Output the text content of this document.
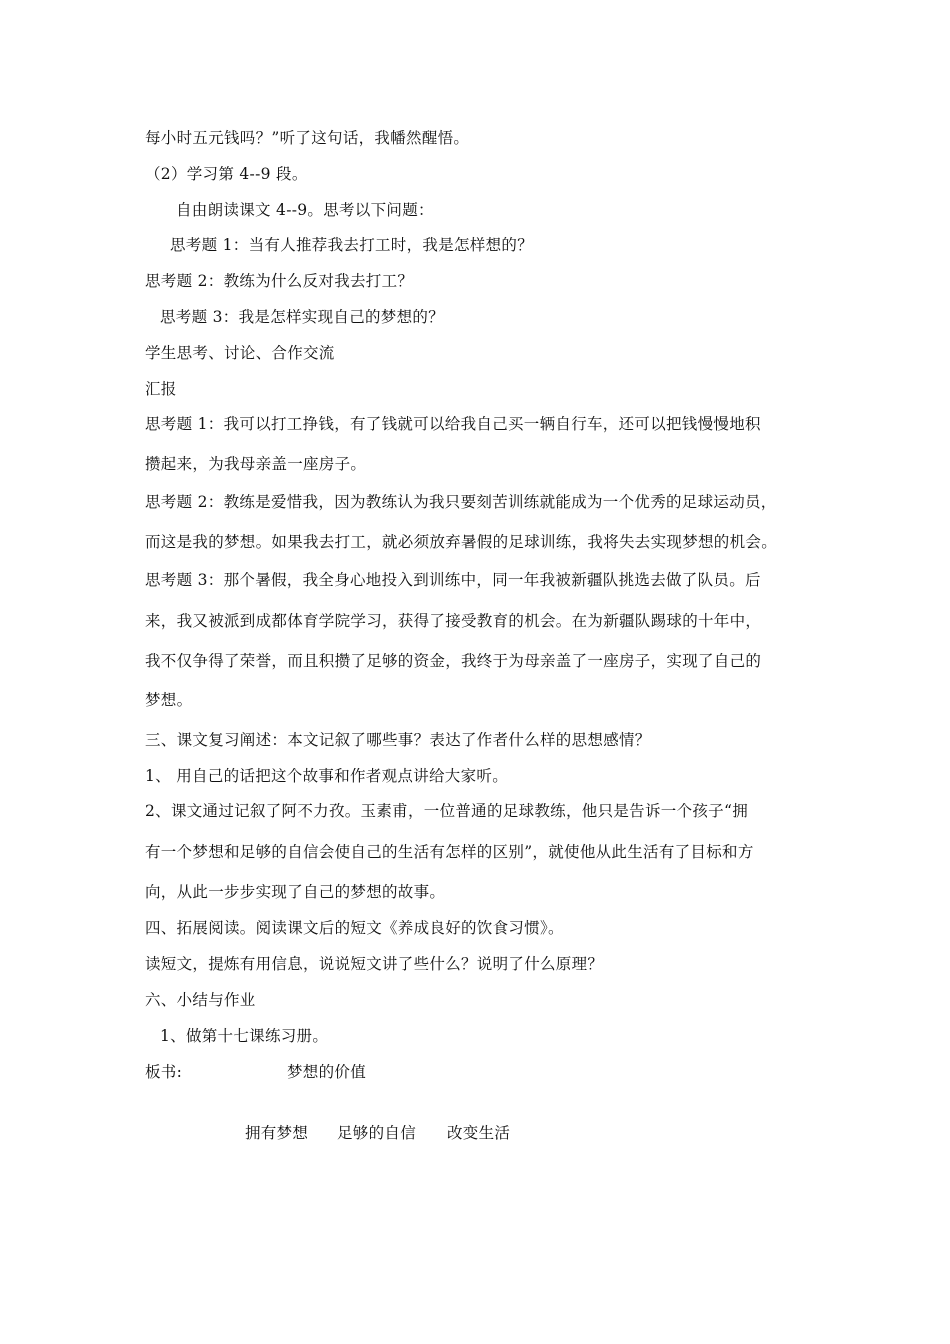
每小时五元钱吗？”听了这句话，我幡然醒悟。
（2）学习第 4--9 段。
自由朗读课文 4--9。思考以下问题：
思考题 1：当有人推荐我去打工时，我是怎样想的？
思考题 2：教练为什么反对我去打工？
思考题 3：我是怎样实现自己的梦想的？
学生思考、讨论、合作交流
汇报
思考题 1：我可以打工挣钱，有了钱就可以给我自己买一辆自行车，还可以把钱慢慢地积
攒起来，为我母亲盖一座房子。
思考题 2：教练是爱惜我，因为教练认为我只要刻苦训练就能成为一个优秀的足球运动员，
而这是我的梦想。如果我去打工，就必须放弃暑假的足球训练，我将失去实现梦想的机会。
思考题 3：那个暑假，我全身心地投入到训练中，同一年我被新疆队挑选去做了队员。后
来，我又被派到成都体育学院学习，获得了接受教育的机会。在为新疆队踢球的十年中，
我不仅争得了荣誉，而且积攒了足够的资金，我终于为母亲盖了一座房子，实现了自己的
梦想。
三、课文复习阐述：本文记叙了哪些事？表达了作者什么样的思想感情？
1、 用自己的话把这个故事和作者观点讲给大家听。
2、课文通过记叙了阿不力孜。玉素甫，一位普通的足球教练，他只是告诉一个孩子“拥
有一个梦想和足够的自信会使自己的生活有怎样的区别”，就使他从此生活有了目标和方
向，从此一步步实现了自己的梦想的故事。
四、拓展阅读。阅读课文后的短文《养成良好的饮食习惯》。
读短文，提炼有用信息，说说短文讲了些什么？说明了什么原理？
六、小结与作业
1、做第十七课练习册。
板书:	梦想的价值
拥有梦想 足够的自信 改变生活
